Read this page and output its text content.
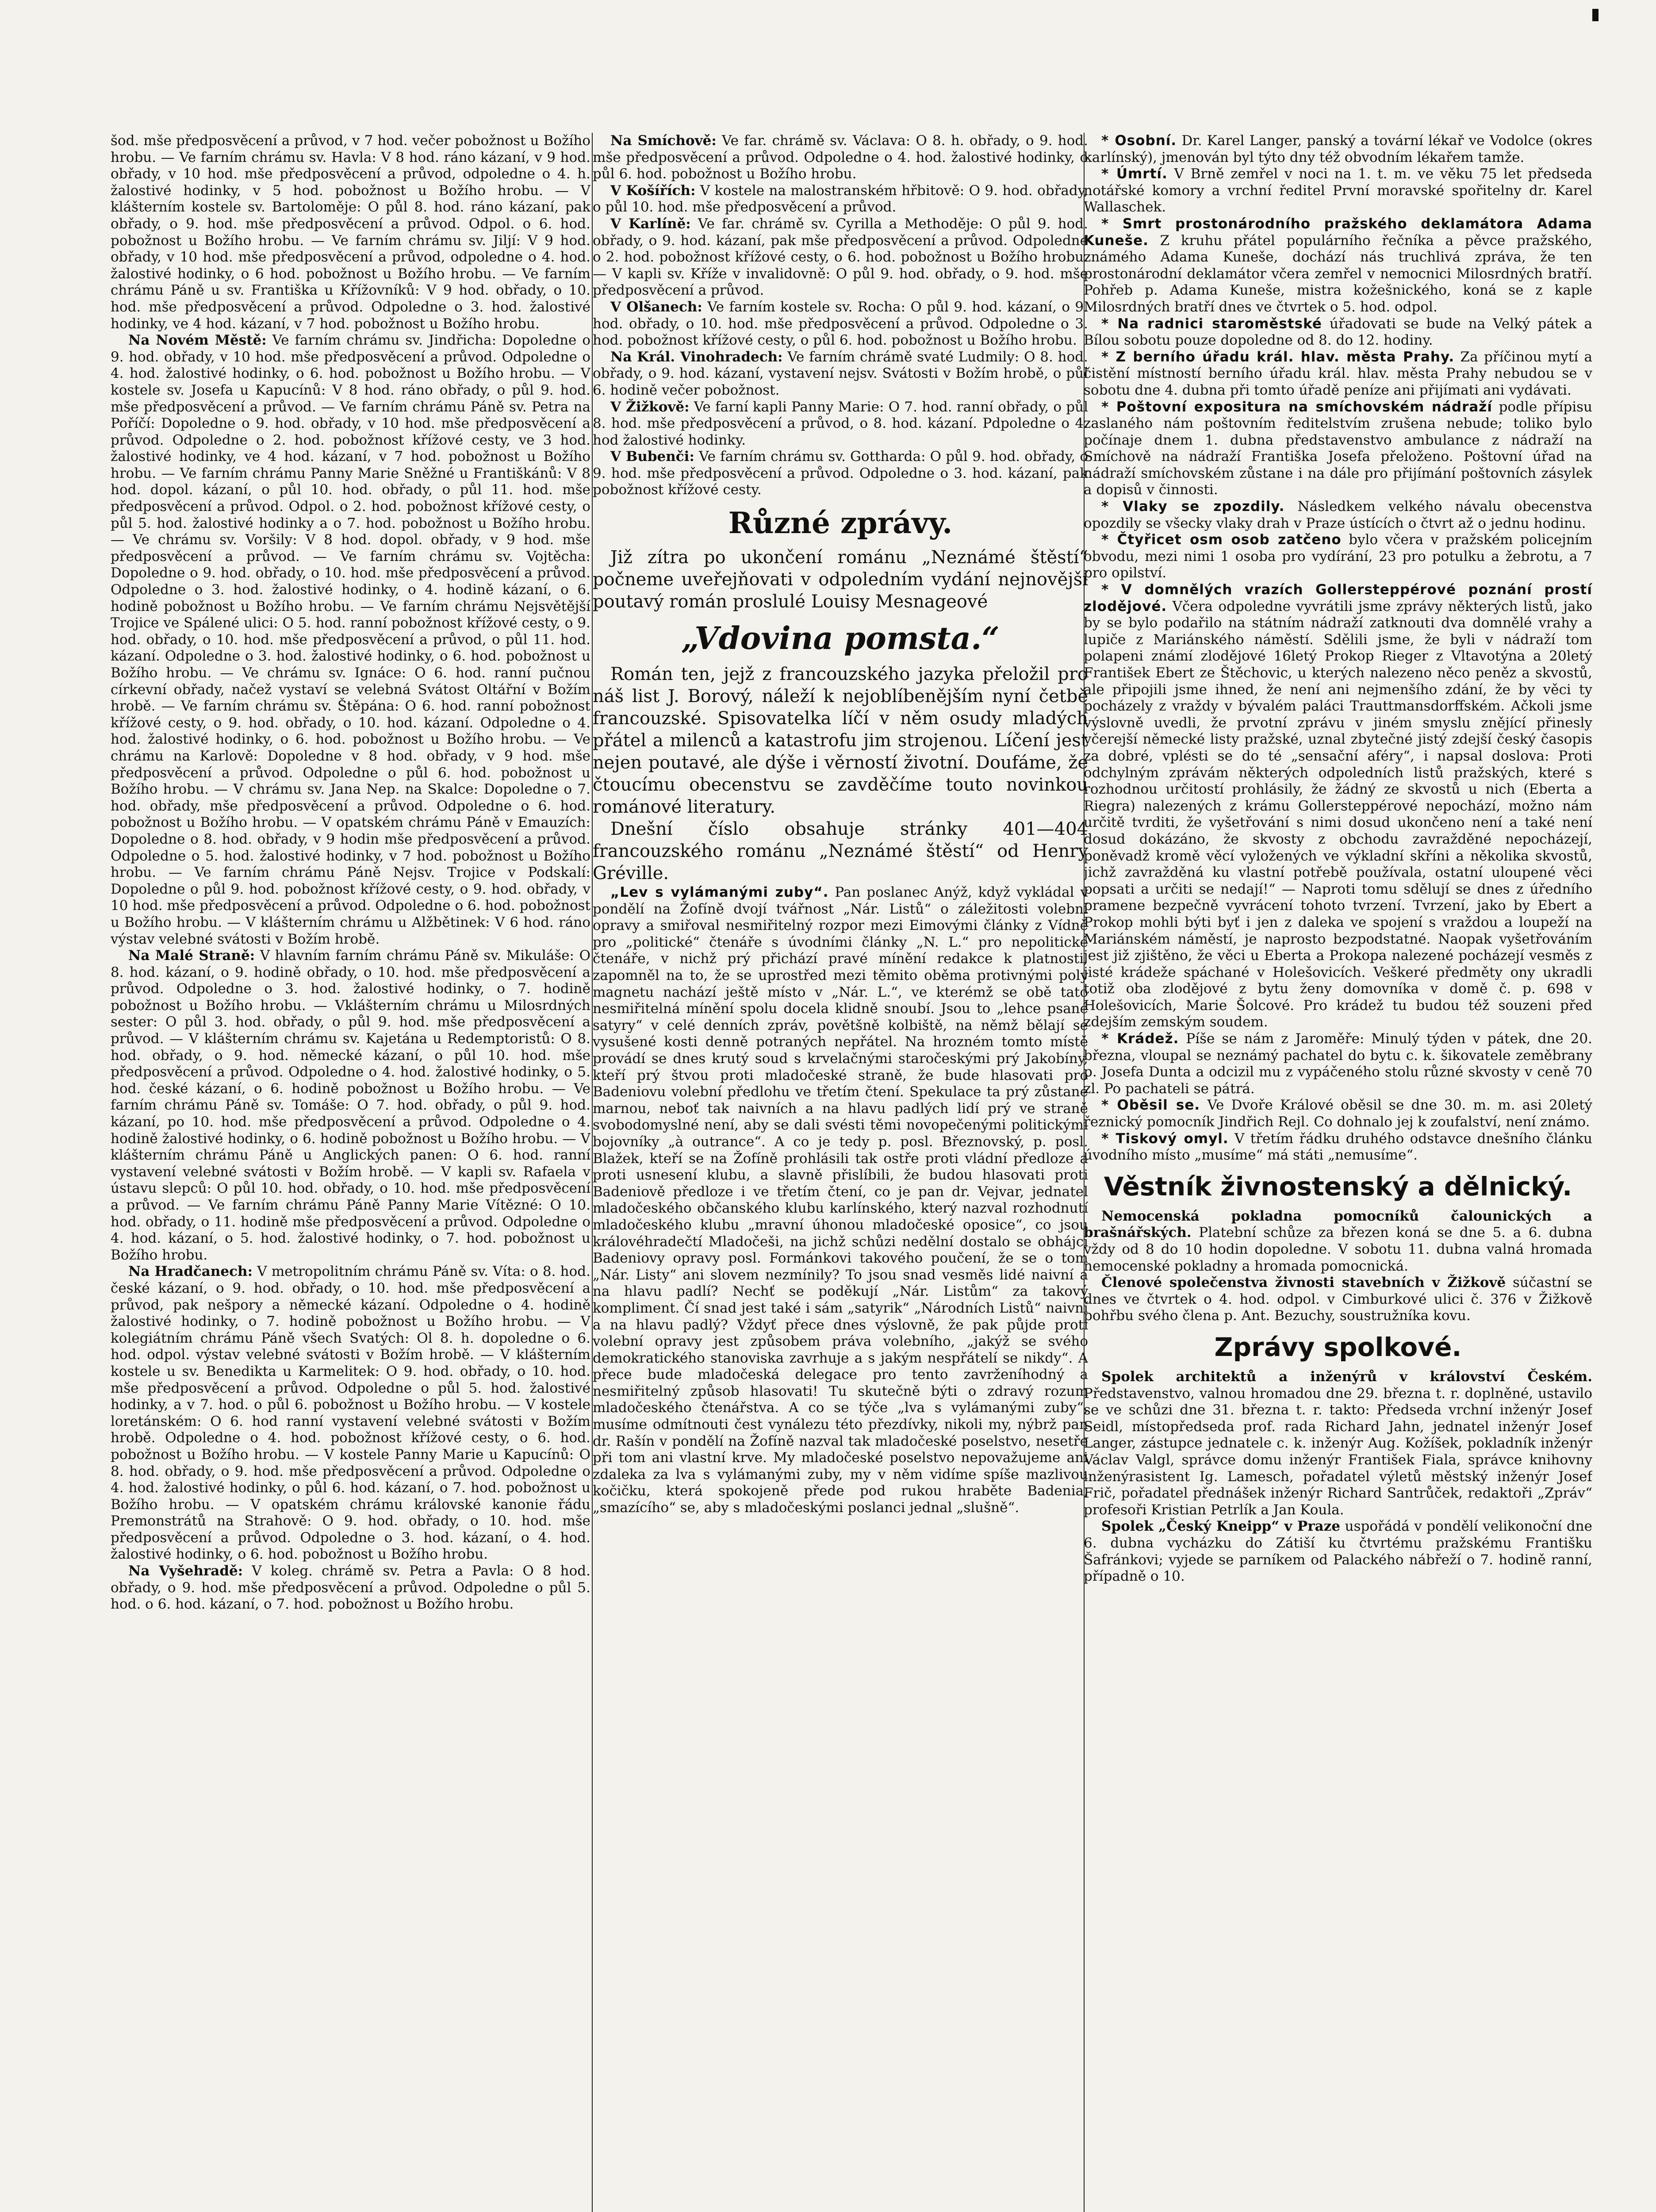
šod. mše předposvěcení a průvod, v 7 hod. večer pobožnost u Božího hrobu. — Ve farním chrámu sv. Havla: V 8 hod. ráno kázaní, v 9 hod. obřady, v 10 hod. mše předposvěcení a průvod, odpoledne o 4. h. žalostivé hodinky, v 5 hod. pobožnost u Božího hrobu. — V klášterním kostele sv. Bartoloměje: O půl 8. hod. ráno kázaní, pak obřady, o 9. hod. mše předposvěcení a průvod. Odpol. o 6. hod. pobožnost u Božího hrobu. — Ve farním chrámu sv. Jiljí: V 9 hod. obřady, v 10 hod. mše předposvěcení a průvod, odpoledne o 4. hod. žalostivé hodinky, o 6 hod. pobožnost u Božího hrobu. — Ve farním chrámu Páně u sv. Františka u Křížovníků: V 9 hod. obřady, o 10. hod. mše předposvěcení a průvod. Odpoledne o 3. hod. žalostivé hodinky, ve 4 hod. kázaní, v 7 hod. pobožnost u Božího hrobu.

Na Novém Městě: Ve farním chrámu sv. Jindřicha: Dopoledne o 9. hod. obřady, v 10 hod. mše předposvěcení a průvod. Odpoledne o 4. hod. žalostivé hodinky, o 6. hod. pobožnost u Božího hrobu. — V kostele sv. Josefa u Kapucínů: V 8 hod. ráno obřady, o půl 9. hod. mše předposvěcení a průvod. — Ve farním chrámu Páně sv. Petra na Poříčí: Dopoledne o 9. hod. obřady, v 10 hod. mše předposvěcení a průvod. Odpoledne o 2. hod. pobožnost křížové cesty, ve 3 hod. žalostivé hodinky, ve 4 hod. kázaní, v 7 hod. pobožnost u Božího hrobu. — Ve farním chrámu Panny Marie Sněžné u Františkánů: V 8 hod. dopol. kázaní, o půl 10. hod. obřady, o půl 11. hod. mše předposvěcení a průvod. Odpol. o 2. hod. pobožnost křížové cesty, o půl 5. hod. žalostivé hodinky a o 7. hod. pobožnost u Božího hrobu. — Ve chrámu sv. Voršily: V 8 hod. dopol. obřady, v 9 hod. mše předposvěcení a průvod. — Ve farním chrámu sv. Vojtěcha: Dopoledne o 9. hod. obřady, o 10. hod. mše předposvěcení a průvod. Odpoledne o 3. hod. žalostivé hodinky, o 4. hodině kázaní, o 6. hodině pobožnost u Božího hrobu. — Ve farním chrámu Nejsvětější Trojice ve Spálené ulici: O 5. hod. ranní pobožnost křížové cesty, o 9. hod. obřady, o 10. hod. mše předposvěcení a průvod, o půl 11. hod. kázaní. Odpoledne o 3. hod. žalostivé hodinky, o 6. hod. pobožnost u Božího hrobu. — Ve chrámu sv. Ignáce: O 6. hod. ranní pučnou církevní obřady, načež vystaví se velebná Svátost Oltářní v Božím hrobě. — Ve farním chrámu sv. Štěpána: O 6. hod. ranní pobožnost křížové cesty, o 9. hod. obřady, o 10. hod. kázaní. Odpoledne o 4. hod. žalostivé hodinky, o 6. hod. pobožnost u Božího hrobu. — Ve chrámu na Karlově: Dopoledne v 8 hod. obřady, v 9 hod. mše předposvěcení a průvod. Odpoledne o půl 6. hod. pobožnost u Božího hrobu. — V chrámu sv. Jana Nep. na Skalce: Dopoledne o 7. hod. obřady, mše předposvěcení a průvod. Odpoledne o 6. hod. pobožnost u Božího hrobu. — V opatském chrámu Páně v Emauzích: Dopoledne o 8. hod. obřady, v 9 hodin mše předposvěcení a průvod. Odpoledne o 5. hod. žalostivé hodinky, v 7 hod. pobožnost u Božího hrobu. — Ve farním chrámu Páně Nejsv. Trojice v Podskalí: Dopoledne o půl 9. hod. pobožnost křížové cesty, o 9. hod. obřady, v 10 hod. mše předposvěcení a průvod. Odpoledne o 6. hod. pobožnost u Božího hrobu. — V klášterním chrámu u Alžbětinek: V 6 hod. ráno výstav velebné svátosti v Božím hrobě.

Na Malé Straně: V hlavním farním chrámu Páně sv. Mikuláše: O 8. hod. kázaní, o 9. hodině obřady, o 10. hod. mše předposvěcení a průvod. Odpoledne o 3. hod. žalostivé hodinky, o 7. hodině pobožnost u Božího hrobu. — Vklášterním chrámu u Milosrdných sester: O půl 3. hod. obřady, o půl 9. hod. mše předposvěcení a průvod. — V klášterním chrámu sv. Kajetána u Redemptoristů: O 8. hod. obřady, o 9. hod. německé kázaní, o půl 10. hod. mše předposvěcení a průvod. Odpoledne o 4. hod. žalostivé hodinky, o 5. hod. české kázaní, o 6. hodině pobožnost u Božího hrobu. — Ve farním chrámu Páně sv. Tomáše: O 7. hod. obřady, o půl 9. hod. kázaní, po 10. hod. mše předposvěcení a průvod. Odpoledne o 4. hodině žalostivé hodinky, o 6. hodině pobožnost u Božího hrobu. — V klášterním chrámu Páně u Anglických panen: O 6. hod. ranní vystavení velebné svátosti v Božím hrobě. — V kapli sv. Rafaela v ústavu slepců: O půl 10. hod. obřady, o 10. hod. mše předposvěcení a průvod. — Ve farním chrámu Páně Panny Marie Vítězné: O 10. hod. obřady, o 11. hodině mše předposvěcení a průvod. Odpoledne o 4. hod. kázaní, o 5. hod. žalostivé hodinky, o 7. hod. pobožnost u Božího hrobu.

Na Hradčanech: V metropolitním chrámu Páně sv. Víta: o 8. hod. české kázaní, o 9. hod. obřady, o 10. hod. mše předposvěcení a průvod, pak nešpory a německé kázaní. Odpoledne o 4. hodině žalostivé hodinky, o 7. hodině pobožnost u Božího hrobu. — V kolegiátním chrámu Páně všech Svatých: Ol 8. h. dopoledne o 6. hod. odpol. výstav velebné svátosti v Božím hrobě. — V klášterním kostele u sv. Benedikta u Karmelitek: O 9. hod. obřady, o 10. hod. mše předposvěcení a průvod. Odpoledne o půl 5. hod. žalostivé hodinky, a v 7. hod. o půl 6. pobožnost u Božího hrobu. — V kostele loretánském: O 6. hod ranní vystavení velebné svátosti v Božím hrobě. Odpoledne o 4. hod. pobožnost křížové cesty, o 6. hod. pobožnost u Božího hrobu. — V kostele Panny Marie u Kapucínů: O 8. hod. obřady, o 9. hod. mše předposvěcení a průvod. Odpoledne o 4. hod. žalostivé hodinky, o půl 6. hod. kázaní, o 7. hod. pobožnost u Božího hrobu. — V opatském chrámu královské kanonie řádu Premonstrátů na Strahově: O 9. hod. obřady, o 10. hod. mše předposvěcení a průvod. Odpoledne o 3. hod. kázaní, o 4. hod. žalostivé hodinky, o 6. hod. pobožnost u Božího hrobu.

Na Vyšehradě: V koleg. chrámě sv. Petra a Pavla: O 8 hod. obřady, o 9. hod. mše předposvěcení a průvod. Odpoledne o půl 5. hod. o 6. hod. kázaní, o 7. hod. pobožnost u Božího hrobu.

Na Smíchově: Ve far. chrámě sv. Václava: O 8. h. obřady, o 9. hod. mše předposvěcení a průvod. Odpoledne o 4. hod. žalostivé hodinky, o půl 6. hod. pobožnost u Božího hrobu.

V Košířích: V kostele na malostranském hřbitově: O 9. hod. obřady, o půl 10. hod. mše předposvěcení a průvod.

V Karlíně: Ve far. chrámě sv. Cyrilla a Methoděje: O půl 9. hod. obřady, o 9. hod. kázaní, pak mše předposvěcení a průvod. Odpoledne o 2. hod. pobožnost křížové cesty, o 6. hod. pobožnost u Božího hrobu. — V kapli sv. Kříže v invalidovně: O půl 9. hod. obřady, o 9. hod. mše předposvěcení a průvod.

V Olšanech: Ve farním kostele sv. Rocha: O půl 9. hod. kázaní, o 9. hod. obřady, o 10. hod. mše předposvěcení a průvod. Odpoledne o 3. hod. pobožnost křížové cesty, o půl 6. hod. pobožnost u Božího hrobu.

Na Král. Vinohradech: Ve farním chrámě svaté Ludmily: O 8. hod. obřady, o 9. hod. kázaní, vystavení nejsv. Svátosti v Božím hrobě, o půl 6. hodině večer pobožnost.

V Žižkově: Ve farní kapli Panny Marie: O 7. hod. ranní obřady, o půl 8. hod. mše předposvěcení a průvod, o 8. hod. kázaní. Pdpoledne o 4. hod žalostivé hodinky.

V Bubenči: Ve farním chrámu sv. Gotthardа: O půl 9. hod. obřady, o 9. hod. mše předposvěcení a průvod. Odpoledne o 3. hod. kázaní, pak pobožnost křížové cesty.

Různé zprávy.

Již zítra po ukončení románu „Neznámé štěstí“ počneme uveřejňovati v odpoledním vydání nejnovější poutavý román proslulé Louisy Mesnageové

„Vdovina pomsta.“

Román ten, jejž z francouzského jazyka přeložil pro náš list J. Borový, náleží k nejoblíbenějším nyní četbě francouzské. Spisovatelka líčí v něm osudy mladých přátel a milenců a katastrofu jim strojenou. Líčení jest nejen poutavé, ale dýše i věrností životní. Doufáme, že čtoucímu obecenstvu se zavděčíme touto novinkou románové literatury.

Dnešní číslo obsahuje stránky 401—404 francouzského románu „Neznámé štěstí“ od Henry Gréville.

„Lev s vylámanými zuby“. Pan poslanec Anýž, když vykládal v pondělí na Žofíně dvojí tvářnost „Nár. Listů“ o záležitosti volební opravy a smiřoval nesmiřitelný rozpor mezi Eimovými články z Vídně pro „politické“ čtenáře s úvodními články „N. L.“ pro nepolitické čtenáře, v nichž prý přichází pravé mínění redakce k platnosti, zapomněl na to, že se uprostřed mezi těmito oběma protivnými poly magnetu nachází ještě místo v „Nár. L.“, ve kterémž se obě tato nesmiřitelná mínění spolu docela klidně snoubí. Jsou to „lehce psané satyry“ v celé denních zpráv, povětšně kolbiště, na němž bělají se vysušené kosti denně potraných nepřátel. Na hrozném tomto místě provádí se dnes krutý soud s krvelačnými staročeskými prý Jakobíny, kteří prý štvou proti mladočeské straně, že bude hlasovati pro Badeniovu volební předlohu ve třetím čtení. Spekulace ta prý zůstane marnou, neboť tak naivních a na hlavu padlých lidí prý ve straně svobodomyslné není, aby se dali svésti těmi novopečenými politickými bojovníky „à outrance“. A co je tedy p. posl. Březnovský, p. posl. Blažek, kteří se na Žofíně prohlásili tak ostře proti vládní předloze a proti usnesení klubu, a slavně přislíbili, že budou hlasovati proti Badeniově předloze i ve třetím čtení, co je pan dr. Vejvar, jednatel mladočeského občanského klubu karlínského, který nazval rozhodnutí mladočeského klubu „mravní úhonou mladočeské oposice“, co jsou královéhradečtí Mladočeši, na jichž schůzi nedělní dostalo se obhájci Badeniovy opravy posl. Formánkovi takového poučení, že se o tom „Nár. Listy“ ani slovem nezmínily? To jsou snad vesměs lidé naivní a na hlavu padlí? Nechť se poděkují „Nár. Listům“ za takový kompliment. Čí snad jest také i sám „satyrik“ „Národních Listů“ naivní a na hlavu padlý? Vždyť přece dnes výslovně, že pak půjde proti volební opravy jest způsobem práva volebního, „jakýž se svého demokratického stanoviska zavrhuje a s jakým nespřátelí se nikdy“. A přece bude mladočeská delegace pro tento zavrženíhodný a nesmiřitelný způsob hlasovati! Tu skutečně býti o zdravý rozum mladočeského čtenářstva. A co se týče „lva s vylámanými zuby“, musíme odmítnouti čest vynálezu této přezdívky, nikoli my, nýbrž pan dr. Rašín v pondělí na Žofíně nazval tak mladočeské poselstvo, nesetře při tom ani vlastní krve. My mladočeské poselstvo nepovažujeme ani zdaleka za lva s vylámanými zuby, my v něm vidíme spíše mazlivou kočičku, která spokojeně přede pod rukou hraběte Badenia, „smazícího“ se, aby s mladočeskými poslanci jednal „slušně“.

* Osobní. Dr. Karel Langer, panský a tovární lékař ve Vodolce (okres karlínský), jmenován byl týto dny též obvodním lékařem tamže.

* Úmrtí. V Brně zemřel v noci na 1. t. m. ve věku 75 let předseda notářské komory a vrchní ředitel První moravské spořitelny dr. Karel Wallaschek.

* Smrt prostonárodního pražského deklamátora Adama Kuneše. Z kruhu přátel populárního řečníka a pěvce pražského, známého Adama Kuneše, dochází nás truchlivá zpráva, že ten prostonárodní deklamátor včera zemřel v nemocnici Milosrdných bratří. Pohřeb p. Adama Kuneše, mistra kožešnického, koná se z kaple Milosrdných bratří dnes ve čtvrtek o 5. hod. odpol.

* Na radnici staroměstské úřadovati se bude na Velký pátek a Bílou sobotu pouze dopoledne od 8. do 12. hodiny.

* Z berního úřadu král. hlav. města Prahy. Za příčinou mytí a čistění místností berního úřadu král. hlav. města Prahy nebudou se v sobotu dne 4. dubna při tomto úřadě peníze ani přijímati ani vydávati.

* Poštovní expositura na smíchovském nádraží podle přípisu zaslaného nám poštovním ředitelstvím zrušena nebude; toliko bylo počínaje dnem 1. dubna představenstvo ambulance z nádraží na Smíchově na nádraží Františka Josefa přeloženo. Poštovní úřad na nádraží smíchovském zůstane i na dále pro přijímání poštovních zásylek a dopisů v činnosti.

* Vlaky se zpozdily. Následkem velkého návalu obecenstva opozdily se všecky vlaky drah v Praze ústících o čtvrt až o jednu hodinu.

* Čtyřicet osm osob zatčeno bylo včera v pražském policejním obvodu, mezi nimi 1 osoba pro vydírání, 23 pro potulku a žebrotu, a 7 pro opilství.

* V domnělých vrazích Gollersteppérové poznání prostí zlodějové. Včera odpoledne vyvrátili jsme zprávy některých listů, jako by se bylo podařilo na státním nádraží zatknouti dva domnělé vrahy a lupiče z Mariánského náměstí. Sdělili jsme, že byli v nádraží tom polapeni známí zlodějové 16letý Prokop Rieger z Vltavotýna a 20letý František Ebert ze Štěchovic, u kterých nalezeno něco peněz a skvostů, ale připojili jsme ihned, že není ani nejmenšího zdání, že by věci ty pocházely z vraždy v bývalém paláci Trauttmansdorffském. Ačkoli jsme výslovně uvedli, že prvotní zprávu v jiném smyslu znějící přinesly včerejší německé listy pražské, uznal zbytečné jistý zdejší český časopis za dobré, vplésti se do té „sensační aféry“, i napsal doslova: Proti odchylným zprávám některých odpoledních listů pražských, které s rozhodnou určitostí prohlásily, že žádný ze skvostů u nich (Eberta a Riegra) nalezených z krámu Gollersteppérové nepochází, možno nám určitě tvrditi, že vyšetřování s nimi dosud ukončeno není a také není dosud dokázáno, že skvosty z obchodu zavražděné nepocházejí, poněvadž kromě věcí vyložených ve výkladní skříni a několika skvostů, jichž zavražděná ku vlastní potřebě používala, ostatní uloupené věci popsati a určiti se nedají!“ — Naproti tomu sdělují se dnes z úředního pramene bezpečně vyvrácení tohoto tvrzení. Tvrzení, jako by Ebert a Prokop mohli býti byť i jen z daleka ve spojení s vraždou a loupeží na Mariánském náměstí, je naprosto bezpodstatné. Naopak vyšetřováním jest již zjištěno, že věci u Eberta a Prokopa nalezené pocházejí vesměs z jisté krádeže spáchané v Holešovicích. Veškeré předměty ony ukradli totiž oba zlodějové z bytu ženy domovníka v domě č. p. 698 v Holešovicích, Marie Šolcové. Pro krádež tu budou též souzeni před zdejším zemským soudem.

* Krádež. Píše se nám z Jaroměře: Minulý týden v pátek, dne 20. března, vloupal se neznámý pachatel do bytu c. k. šikovatele zeměbrany p. Josefa Dunta a odcizil mu z vypáčeného stolu různé skvosty v ceně 70 zl. Po pachateli se pátrá.

* Oběsil se. Ve Dvoře Králové oběsil se dne 30. m. m. asi 20letý řeznický pomocník Jindřich Rejl. Co dohnalo jej k zoufalství, není známo.

* Tiskový omyl. V třetím řádku druhého odstavce dnešního článku úvodního místo „musíme“ má státi „nemusíme“.

Věstník živnostenský a dělnický.

Nemocenská pokladna pomocníků čalounických a brašnářských. Platební schůze za březen koná se dne 5. a 6. dubna vždy od 8 do 10 hodin dopoledne. V sobotu 11. dubna valná hromada nemocenské pokladny a hromada pomocnická.

Členové společenstva živnosti stavebních v Žižkově súčastní se dnes ve čtvrtek o 4. hod. odpol. v Cimburkové ulici č. 376 v Žižkově pohřbu svého člena p. Ant. Bezuchy, soustružníka kovu.

Zprávy spolkové.

Spolek architektů a inženýrů v království Českém. Představenstvo, valnou hromadou dne 29. března t. r. doplněné, ustavilo se ve schůzi dne 31. března t. r. takto: Předseda vrchní inženýr Josef Seidl, místopředseda prof. rada Richard Jahn, jednatel inženýr Josef Langer, zástupce jednatele c. k. inženýr Aug. Kožíšek, pokladník inženýr Václav Valgl, správce domu inženýr František Fiala, správce knihovny inženýrasistent Ig. Lamesch, pořadatel výletů městský inženýr Josef Frič, pořadatel přednášek inženýr Richard Santrůček, redaktoři „Zpráv“ profesoři Kristian Petrlík a Jan Koula.

Spolek „Český Kneipp“ v Praze uspořádá v pondělí velikonoční dne 6. dubna vycházku do Zátiší ku čtvrtému pražskému Františku Šafránkovi; vyjede se parníkem od Palackého nábřeží o 7. hodině ranní, případně o 10.
